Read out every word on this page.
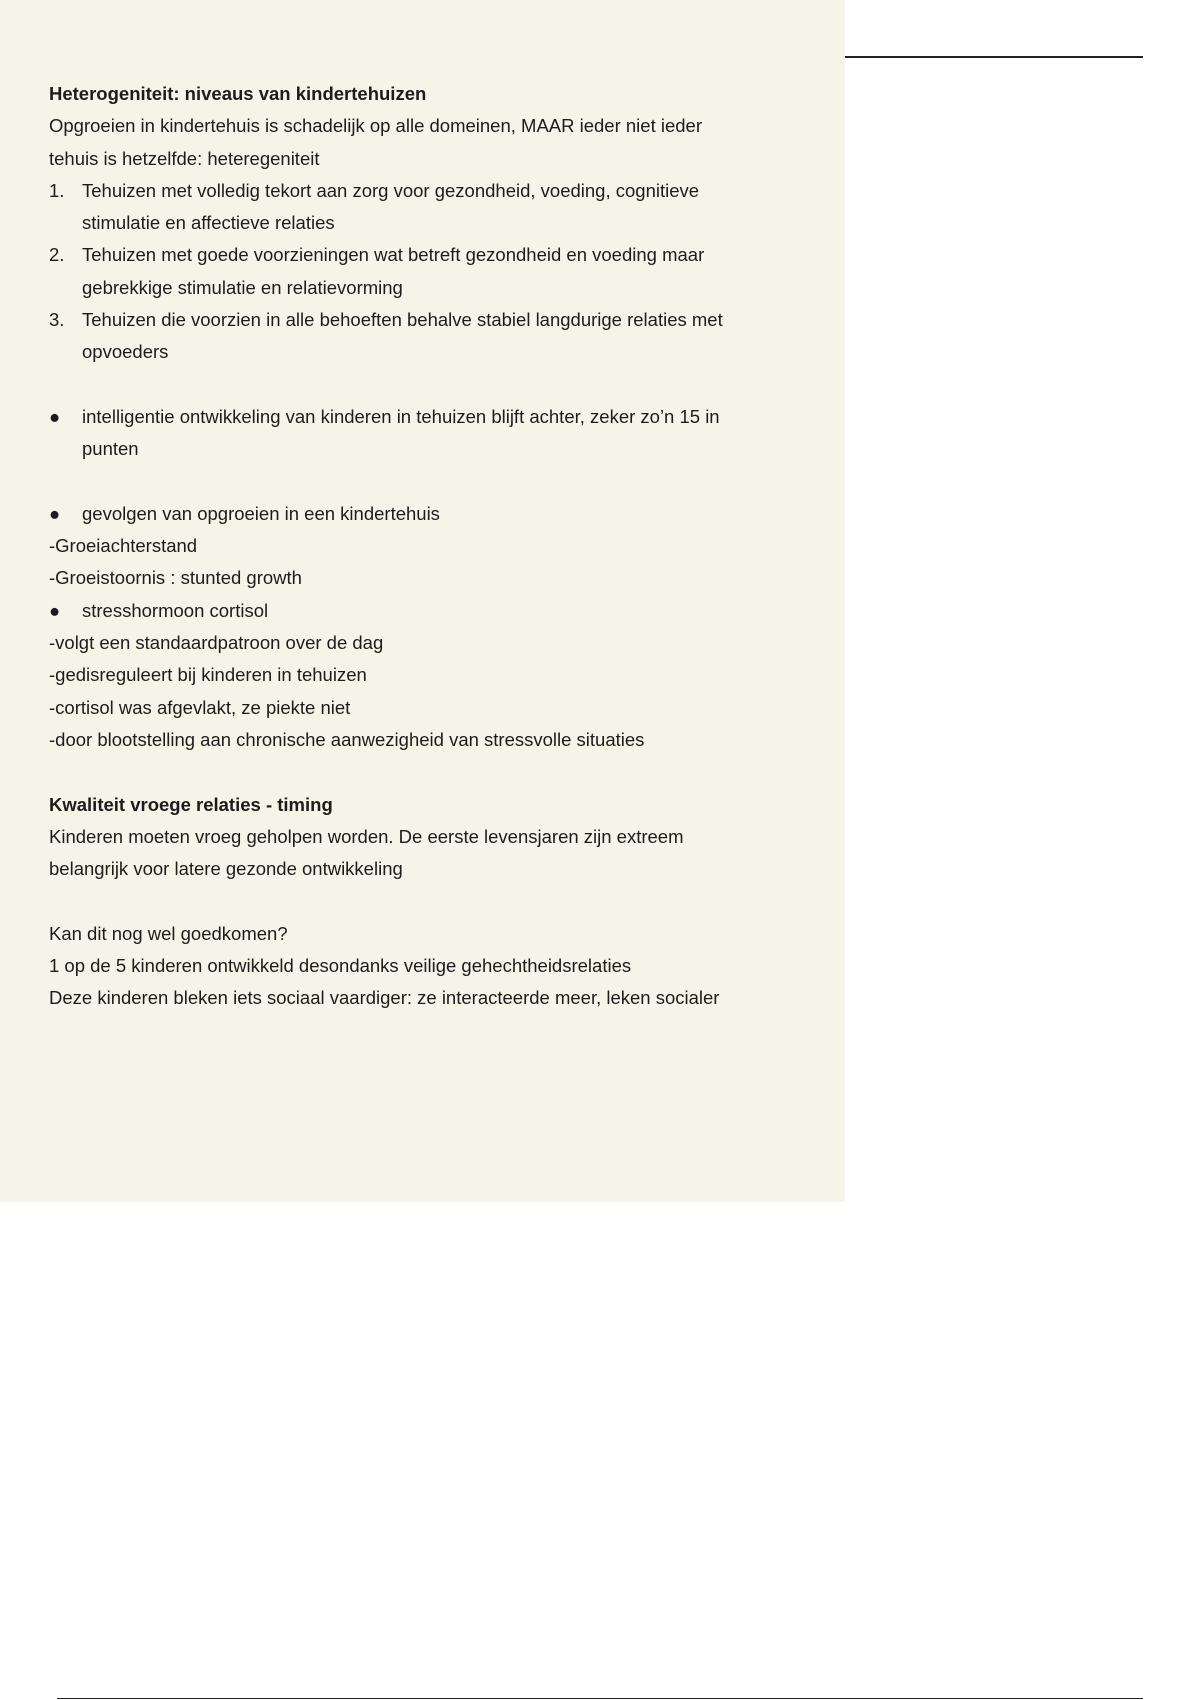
Heterogeniteit: niveaus van kindertehuizen

Opgroeien in kindertehuis is schadelijk op alle domeinen, MAAR ieder niet ieder

tehuis is hetzelfde: heteregeniteit

1. Tehuizen met volledig tekort aan zorg voor gezondheid, voeding, cognitieve

stimulatie en affectieve relaties

2. Tehuizen met goede voorzieningen wat betreft gezondheid en voeding maar

gebrekkige stimulatie en relatievorming

3. Tehuizen die voorzien in alle behoeften behalve stabiel langdurige relaties met

opvoeders

● intelligentie ontwikkeling van kinderen in tehuizen blijft achter, zeker zo’n 15 in

punten

● gevolgen van opgroeien in een kindertehuis

-Groeiachterstand

-Groeistoornis : stunted growth

● stresshormoon cortisol

-volgt een standaardpatroon over de dag

-gedisreguleert bij kinderen in tehuizen

-cortisol was afgevlakt, ze piekte niet

-door blootstelling aan chronische aanwezigheid van stressvolle situaties

Kwaliteit vroege relaties - timing

Kinderen moeten vroeg geholpen worden. De eerste levensjaren zijn extreem

belangrijk voor latere gezonde ontwikkeling

Kan dit nog wel goedkomen?

1 op de 5 kinderen ontwikkeld desondanks veilige gehechtheidsrelaties

Deze kinderen bleken iets sociaal vaardiger: ze interacteerde meer, leken socialer
